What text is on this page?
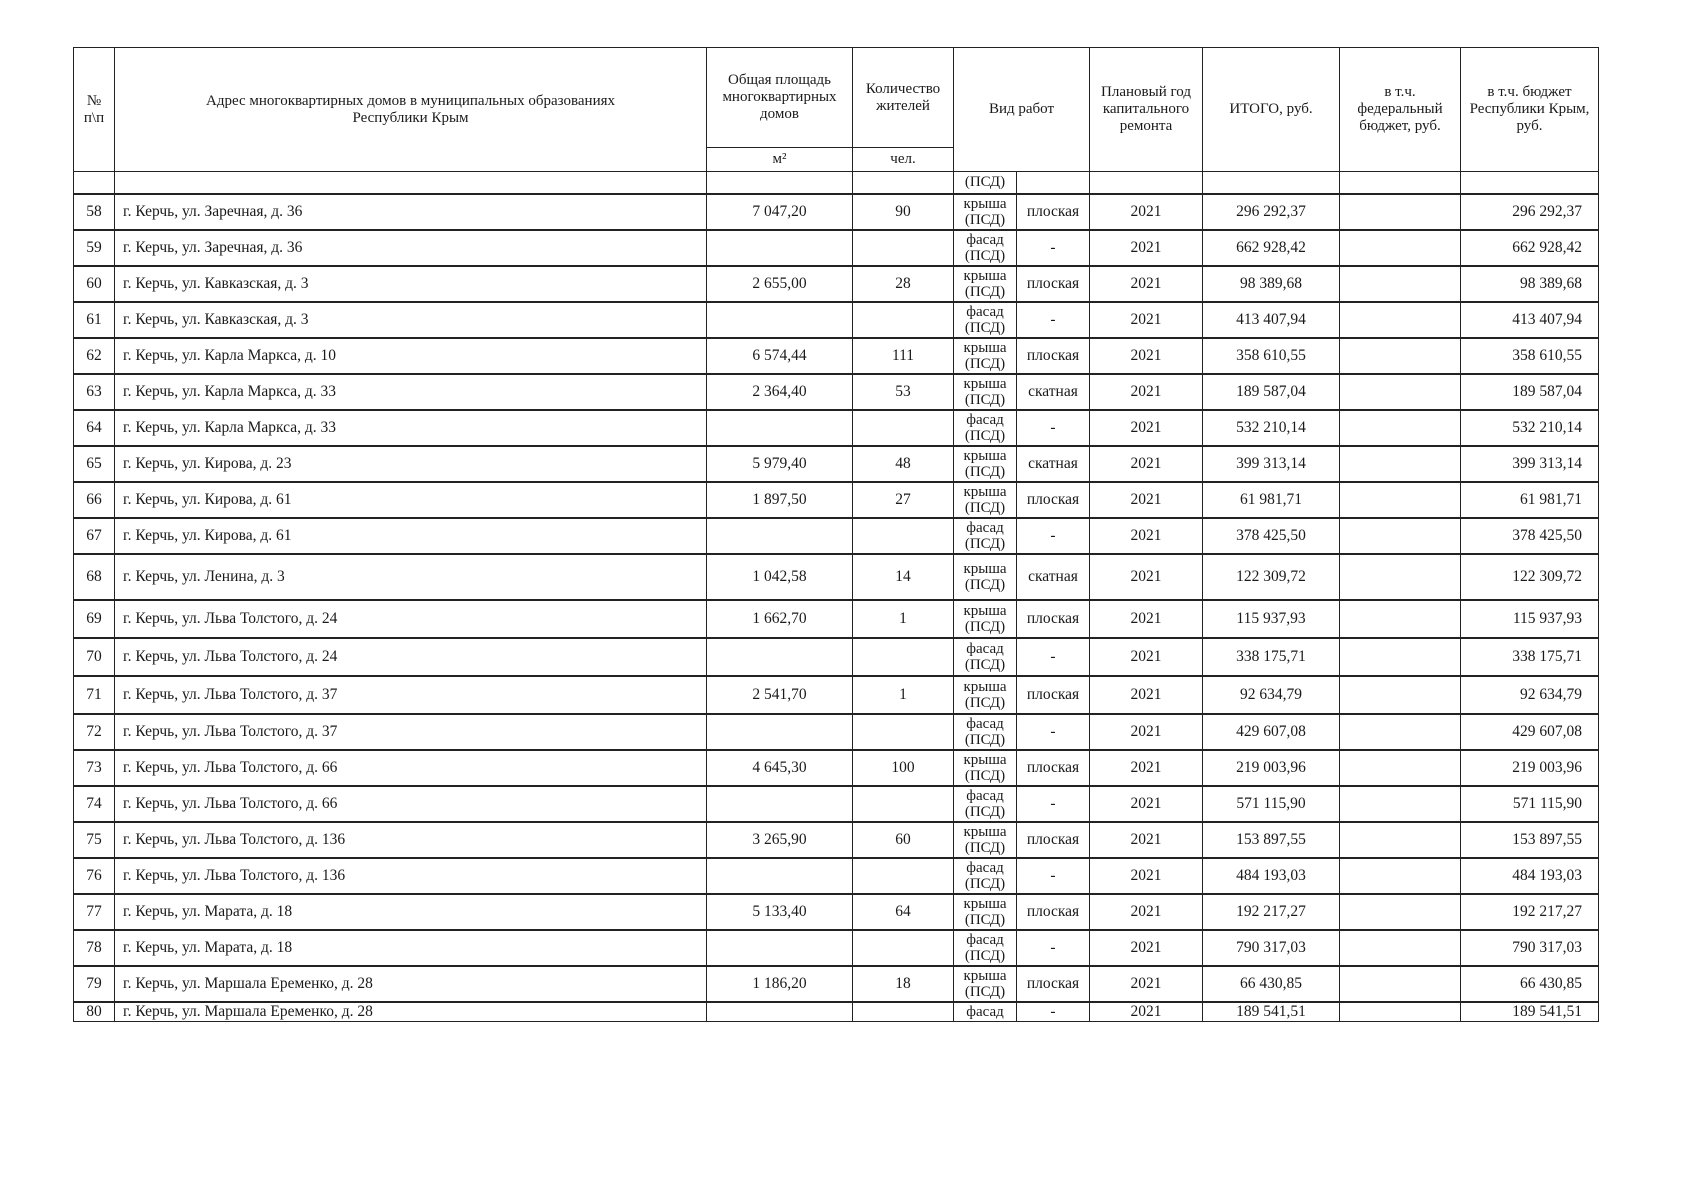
№ п\п	Адрес многоквартирных домов в муниципальных образованиях Республики Крым	Общая площадь многоквартирных домов	Количество жителей	Вид работ		Плановый год капитального ремонта	ИТОГО, руб.	в т.ч. федеральный бюджет, руб.	в т.ч. бюджет Республики Крым, руб.
		м²	чел.						
				(ПСД)					
58	г. Керчь, ул. Заречная, д. 36	7 047,20	90	крыша
(ПСД)	плоская	2021	296 292,37		296 292,37
59	г. Керчь, ул. Заречная, д. 36			фасад
(ПСД)	-	2021	662 928,42		662 928,42
60	г. Керчь, ул. Кавказская, д. 3	2 655,00	28	крыша
(ПСД)	плоская	2021	98 389,68		98 389,68
61	г. Керчь, ул. Кавказская, д. 3			фасад
(ПСД)	-	2021	413 407,94		413 407,94
62	г. Керчь, ул. Карла Маркса, д. 10	6 574,44	111	крыша
(ПСД)	плоская	2021	358 610,55		358 610,55
63	г. Керчь, ул. Карла Маркса, д. 33	2 364,40	53	крыша
(ПСД)	скатная	2021	189 587,04		189 587,04
64	г. Керчь, ул. Карла Маркса, д. 33			фасад
(ПСД)	-	2021	532 210,14		532 210,14
65	г. Керчь, ул. Кирова, д. 23	5 979,40	48	крыша
(ПСД)	скатная	2021	399 313,14		399 313,14
66	г. Керчь, ул. Кирова, д. 61	1 897,50	27	крыша
(ПСД)	плоская	2021	61 981,71		61 981,71
67	г. Керчь, ул. Кирова, д. 61			фасад
(ПСД)	-	2021	378 425,50		378 425,50
68	г. Керчь, ул. Ленина, д. 3	1 042,58	14	крыша
(ПСД)	скатная	2021	122 309,72		122 309,72
69	г. Керчь, ул. Льва Толстого, д. 24	1 662,70	1	крыша
(ПСД)	плоская	2021	115 937,93		115 937,93
70	г. Керчь, ул. Льва Толстого, д. 24			фасад
(ПСД)	-	2021	338 175,71		338 175,71
71	г. Керчь, ул. Льва Толстого, д. 37	2 541,70	1	крыша
(ПСД)	плоская	2021	92 634,79		92 634,79
72	г. Керчь, ул. Льва Толстого, д. 37			фасад
(ПСД)	-	2021	429 607,08		429 607,08
73	г. Керчь, ул. Льва Толстого, д. 66	4 645,30	100	крыша
(ПСД)	плоская	2021	219 003,96		219 003,96
74	г. Керчь, ул. Льва Толстого, д. 66			фасад
(ПСД)	-	2021	571 115,90		571 115,90
75	г. Керчь, ул. Льва Толстого, д. 136	3 265,90	60	крыша
(ПСД)	плоская	2021	153 897,55		153 897,55
76	г. Керчь, ул. Льва Толстого, д. 136			фасад
(ПСД)	-	2021	484 193,03		484 193,03
77	г. Керчь, ул. Марата, д. 18	5 133,40	64	крыша
(ПСД)	плоская	2021	192 217,27		192 217,27
78	г. Керчь, ул. Марата, д. 18			фасад
(ПСД)	-	2021	790 317,03		790 317,03
79	г. Керчь, ул. Маршала Еременко, д. 28	1 186,20	18	крыша
(ПСД)	плоская	2021	66 430,85		66 430,85
80	г. Керчь, ул. Маршала Еременко, д. 28			фасад	-	2021	189 541,51		189 541,51
